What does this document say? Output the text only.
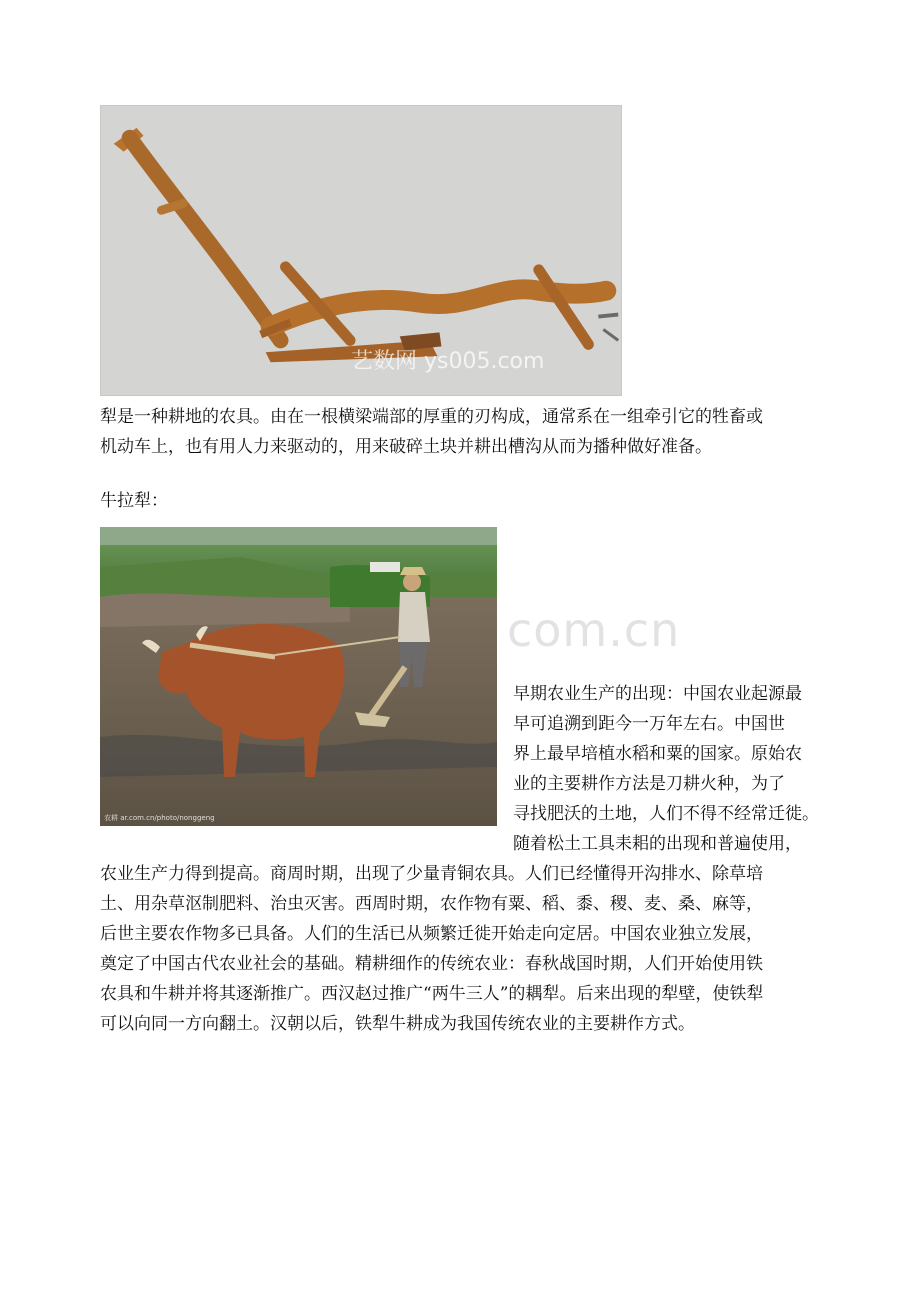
艺数网 ys005.com

犁是一种耕地的农具。由在一根横梁端部的厚重的刃构成，通常系在一组牵引它的牲畜或
机动车上，也有用人力来驱动的，用来破碎土块并耕出槽沟从而为播种做好准备。

牛拉犁：

农耕 ar.com.cn/photo/nonggeng
com.cn

早期农业生产的出现：中国农业起源最
早可追溯到距今一万年左右。中国世
界上最早培植水稻和粟的国家。原始农
业的主要耕作方法是刀耕火种，为了
寻找肥沃的土地，人们不得不经常迁徙。

随着松土工具耒耜的出现和普遍使用，
农业生产力得到提高。商周时期，出现了少量青铜农具。人们已经懂得开沟排水、除草培
土、用杂草沤制肥料、治虫灭害。西周时期，农作物有粟、稻、黍、稷、麦、桑、麻等，
后世主要农作物多已具备。人们的生活已从频繁迁徙开始走向定居。中国农业独立发展，
奠定了中国古代农业社会的基础。精耕细作的传统农业：春秋战国时期，人们开始使用铁
农具和牛耕并将其逐渐推广。西汉赵过推广“两牛三人”的耦犁。后来出现的犁壁，使铁犁
可以向同一方向翻土。汉朝以后，铁犁牛耕成为我国传统农业的主要耕作方式。
